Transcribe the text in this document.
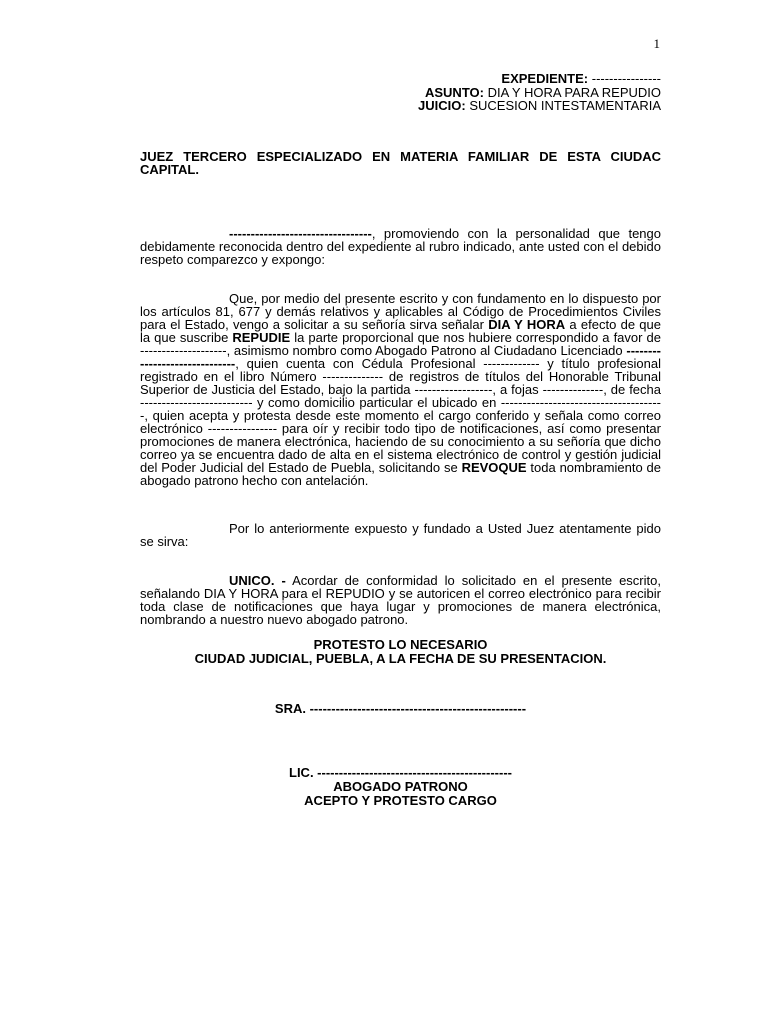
1
EXPEDIENTE: ----------------
ASUNTO: DIA Y HORA PARA REPUDIO
JUICIO: SUCESION INTESTAMENTARIA
JUEZ TERCERO ESPECIALIZADO EN MATERIA FAMILIAR DE ESTA CIUDAC CAPITAL.
---------------------------------, promoviendo con la personalidad que tengo debidamente reconocida dentro del expediente al rubro indicado, ante usted con el debido respeto comparezco y expongo:
Que, por medio del presente escrito y con fundamento en lo dispuesto por los artículos 81, 677 y demás relativos y aplicables al Código de Procedimientos Civiles para el Estado, vengo a solicitar a su señoría sirva señalar DIA Y HORA a efecto de que la que suscribe REPUDIE la parte proporcional que nos hubiere correspondido a favor de --------------------, asimismo nombro como Abogado Patrono al Ciudadano Licenciado ------------------------------, quien cuenta con Cédula Profesional ------------- y título profesional registrado en el libro Número -------------- de registros de títulos del Honorable Tribunal Superior de Justicia del Estado, bajo la partida ------------------, a fojas --------------, de fecha -------------------------- y como domicilio particular el ubicado en --------------------------------------, quien acepta y protesta desde este momento el cargo conferido y señala como correo electrónico ---------------- para oír y recibir todo tipo de notificaciones, así como presentar promociones de manera electrónica, haciendo de su conocimiento a su señoría que dicho correo ya se encuentra dado de alta en el sistema electrónico de control y gestión judicial del Poder Judicial del Estado de Puebla, solicitando se REVOQUE toda nombramiento de abogado patrono hecho con antelación.
Por lo anteriormente expuesto y fundado a Usted Juez atentamente pido se sirva:
UNICO. - Acordar de conformidad lo solicitado en el presente escrito, señalando DIA Y HORA para el REPUDIO y se autoricen el correo electrónico para recibir toda clase de notificaciones que haya lugar y promociones de manera electrónica, nombrando a nuestro nuevo abogado patrono.
PROTESTO LO NECESARIO
CIUDAD JUDICIAL, PUEBLA, A LA FECHA DE SU PRESENTACION.
SRA. --------------------------------------------------
LIC. ---------------------------------------------
ABOGADO PATRONO
ACEPTO Y PROTESTO CARGO
